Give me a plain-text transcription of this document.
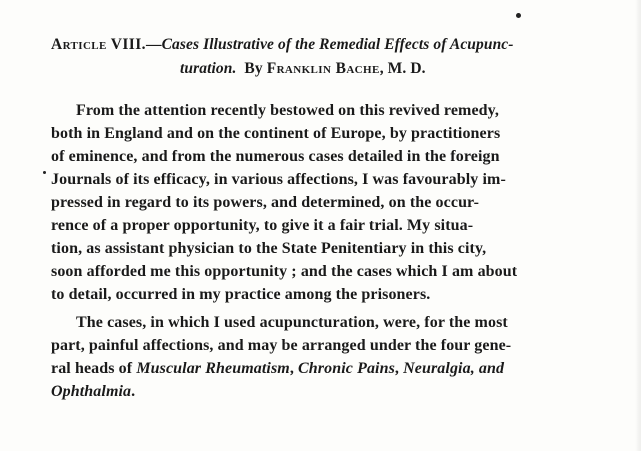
Article VIII.—Cases Illustrative of the Remedial Effects of Acupunc-
turation. By Franklin Bache, M. D.
From the attention recently bestowed on this revived remedy,
both in England and on the continent of Europe, by practitioners
of eminence, and from the numerous cases detailed in the foreign
Journals of its efficacy, in various affections, I was favourably im-
pressed in regard to its powers, and determined, on the occur-
rence of a proper opportunity, to give it a fair trial. My situa-
tion, as assistant physician to the State Penitentiary in this city,
soon afforded me this opportunity ; and the cases which I am about
to detail, occurred in my practice among the prisoners.
The cases, in which I used acupuncturation, were, for the most
part, painful affections, and may be arranged under the four gene-
ral heads of Muscular Rheumatism, Chronic Pains, Neuralgia, and
Ophthalmia.
